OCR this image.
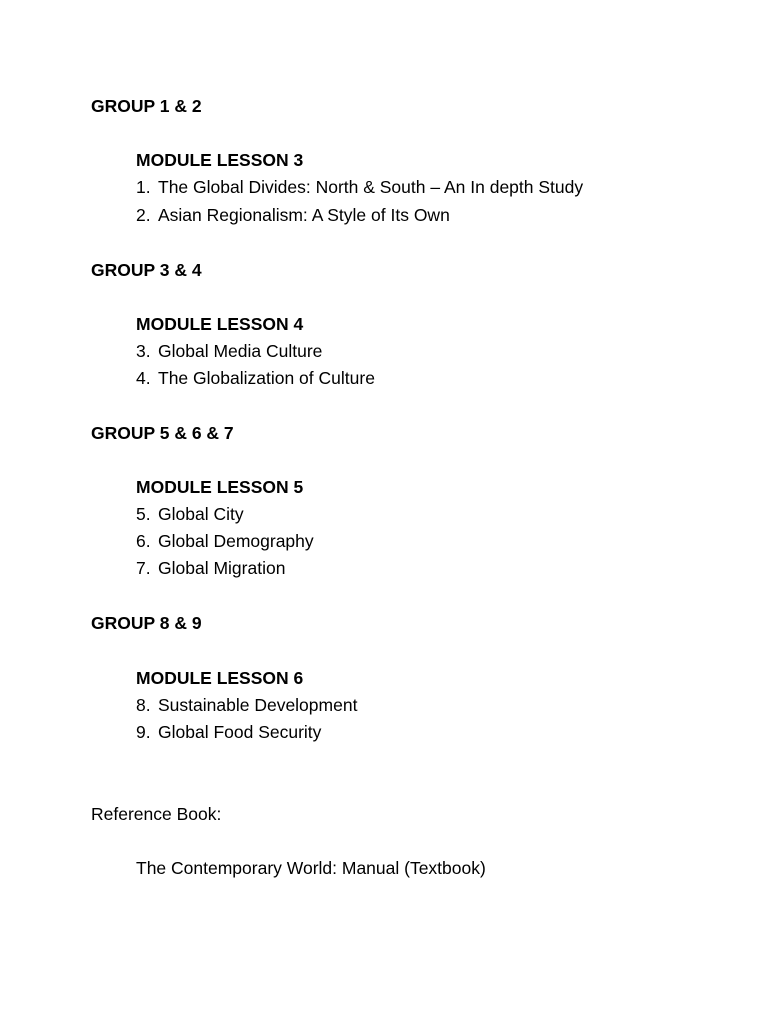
GROUP 1 & 2
MODULE LESSON 3
1. The Global Divides: North & South – An In depth Study
2. Asian Regionalism: A Style of Its Own
GROUP 3 & 4
MODULE LESSON 4
3. Global Media Culture
4. The Globalization of Culture
GROUP 5 & 6 & 7
MODULE LESSON 5
5. Global City
6. Global Demography
7. Global Migration
GROUP 8 & 9
MODULE LESSON 6
8. Sustainable Development
9. Global Food Security
Reference Book:
The Contemporary World: Manual (Textbook)
